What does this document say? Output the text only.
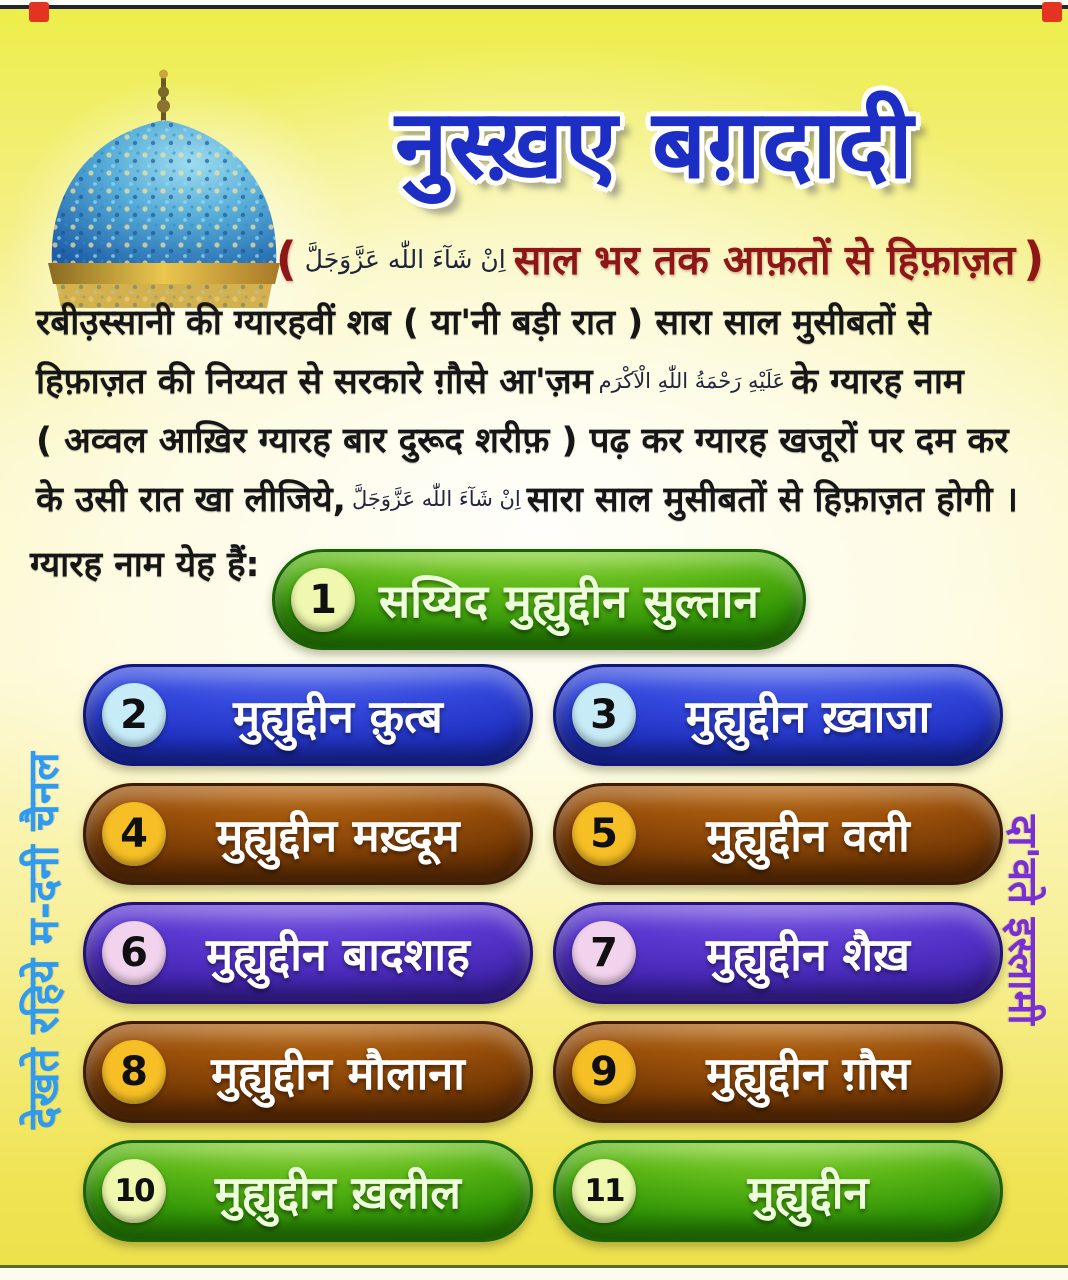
नुस्ख़ए बग़दादी
( اِنْ شَآءَ اللّٰه عَزَّوَجَلَّ साल भर तक आफ़तों से हिफ़ाज़त )

रबीउ़स्सानी की ग्यारहवीं शब ( या'नी बड़ी रात ) सारा साल मुसीबतों से

हिफ़ाज़त की निय्यत से सरकारे ग़ौसे आ'ज़म عَلَيْهِ رَحْمَةُ اللّٰهِ الْاَکْرَم के ग्यारह नाम

( अव्वल आख़िर ग्यारह बार दुरूद शरीफ़ ) पढ़ कर ग्यारह खजूरों पर दम कर

के उसी रात खा लीजिये, اِنْ شَآءَ اللّٰه عَزَّوَجَلَّ सारा साल मुसीबतों से हिफ़ाज़त होगी ।

ग्यारह नाम येह हैं:
1 सय्यिद मुह्युद्दीन सुल्तान
2	मुह्युद्दीन क़ुत्ब	3	मुह्युद्दीन ख़्वाजा
4	मुह्युद्दीन मख़्दूम	5	मुह्युद्दीन वली
6	मुह्युद्दीन बादशाह	7	मुह्युद्दीन शैख़
8	मुह्युद्दीन मौलाना	9	मुह्युद्दीन ग़ौस
10	मुह्युद्दीन ख़लील	11	मुह्युद्दीन
देखते रहिये म-दनी चैनल	दा'वते इस्लामी
